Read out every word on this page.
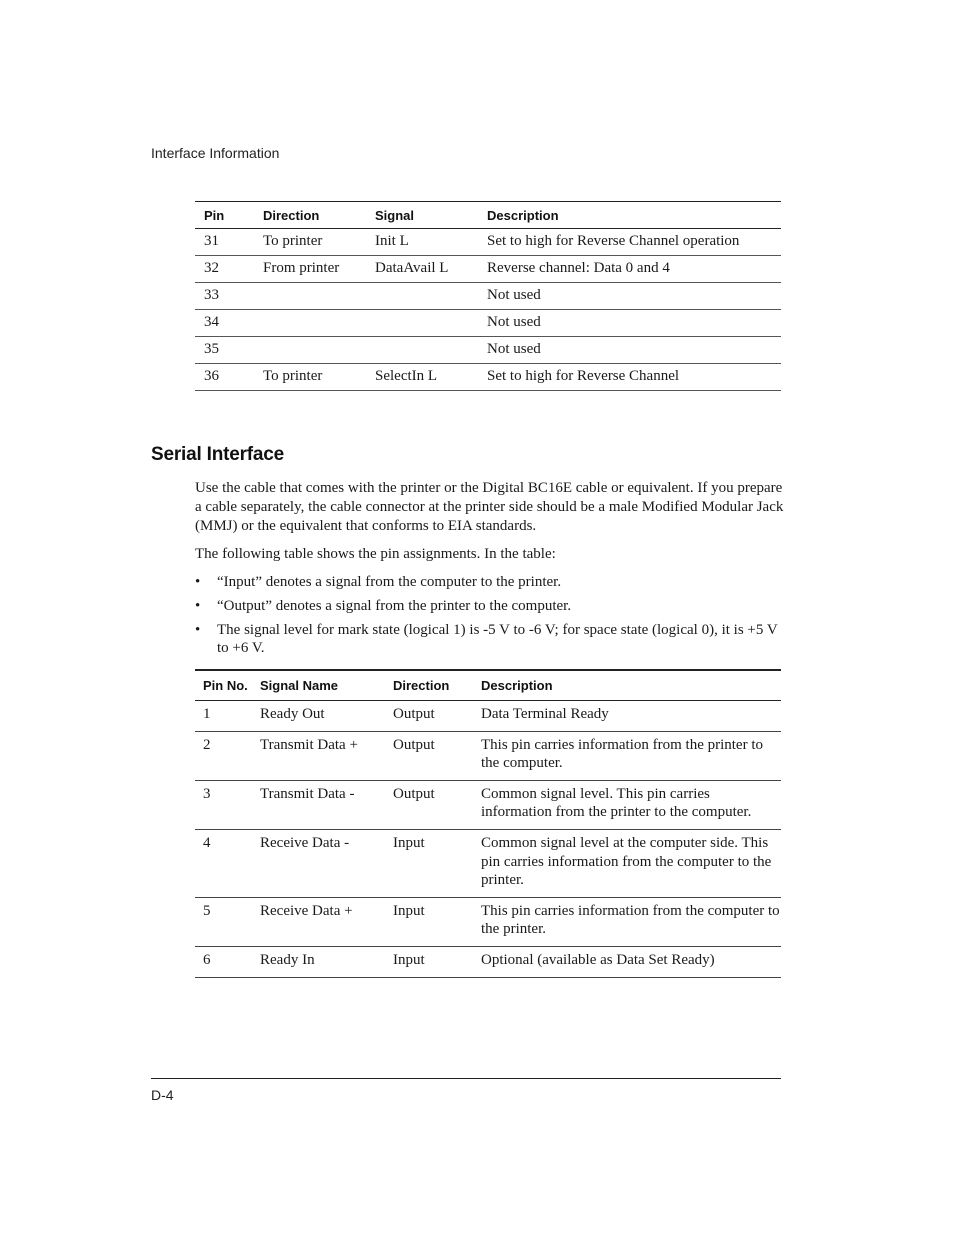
Interface Information
Pin	Direction	Signal	Description
31	To printer	Init L	Set to high for Reverse Channel operation
32	From printer	DataAvail L	Reverse channel: Data 0 and 4
33			Not used
34			Not used
35			Not used
36	To printer	SelectIn L	Set to high for Reverse Channel
Serial Interface

Use the cable that comes with the printer or the Digital BC16E cable or equivalent. If you prepare a cable separately, the cable connector at the printer side should be a male Modified Modular Jack (MMJ) or the equivalent that conforms to EIA standards.

The following table shows the pin assignments. In the table:

• “Input” denotes a signal from the computer to the printer.
• “Output” denotes a signal from the printer to the computer.
• The signal level for mark state (logical 1) is -5 V to -6 V; for space state (logical 0), it is +5 V to +6 V.
Pin No.	Signal Name	Direction	Description
1	Ready Out	Output	Data Terminal Ready
2	Transmit Data +	Output	This pin carries information from the printer to the computer.
3	Transmit Data -	Output	Common signal level. This pin carries information from the printer to the computer.
4	Receive Data -	Input	Common signal level at the computer side. This pin carries information from the computer to the printer.
5	Receive Data +	Input	This pin carries information from the computer to the printer.
6	Ready In	Input	Optional (available as Data Set Ready)
D-4
